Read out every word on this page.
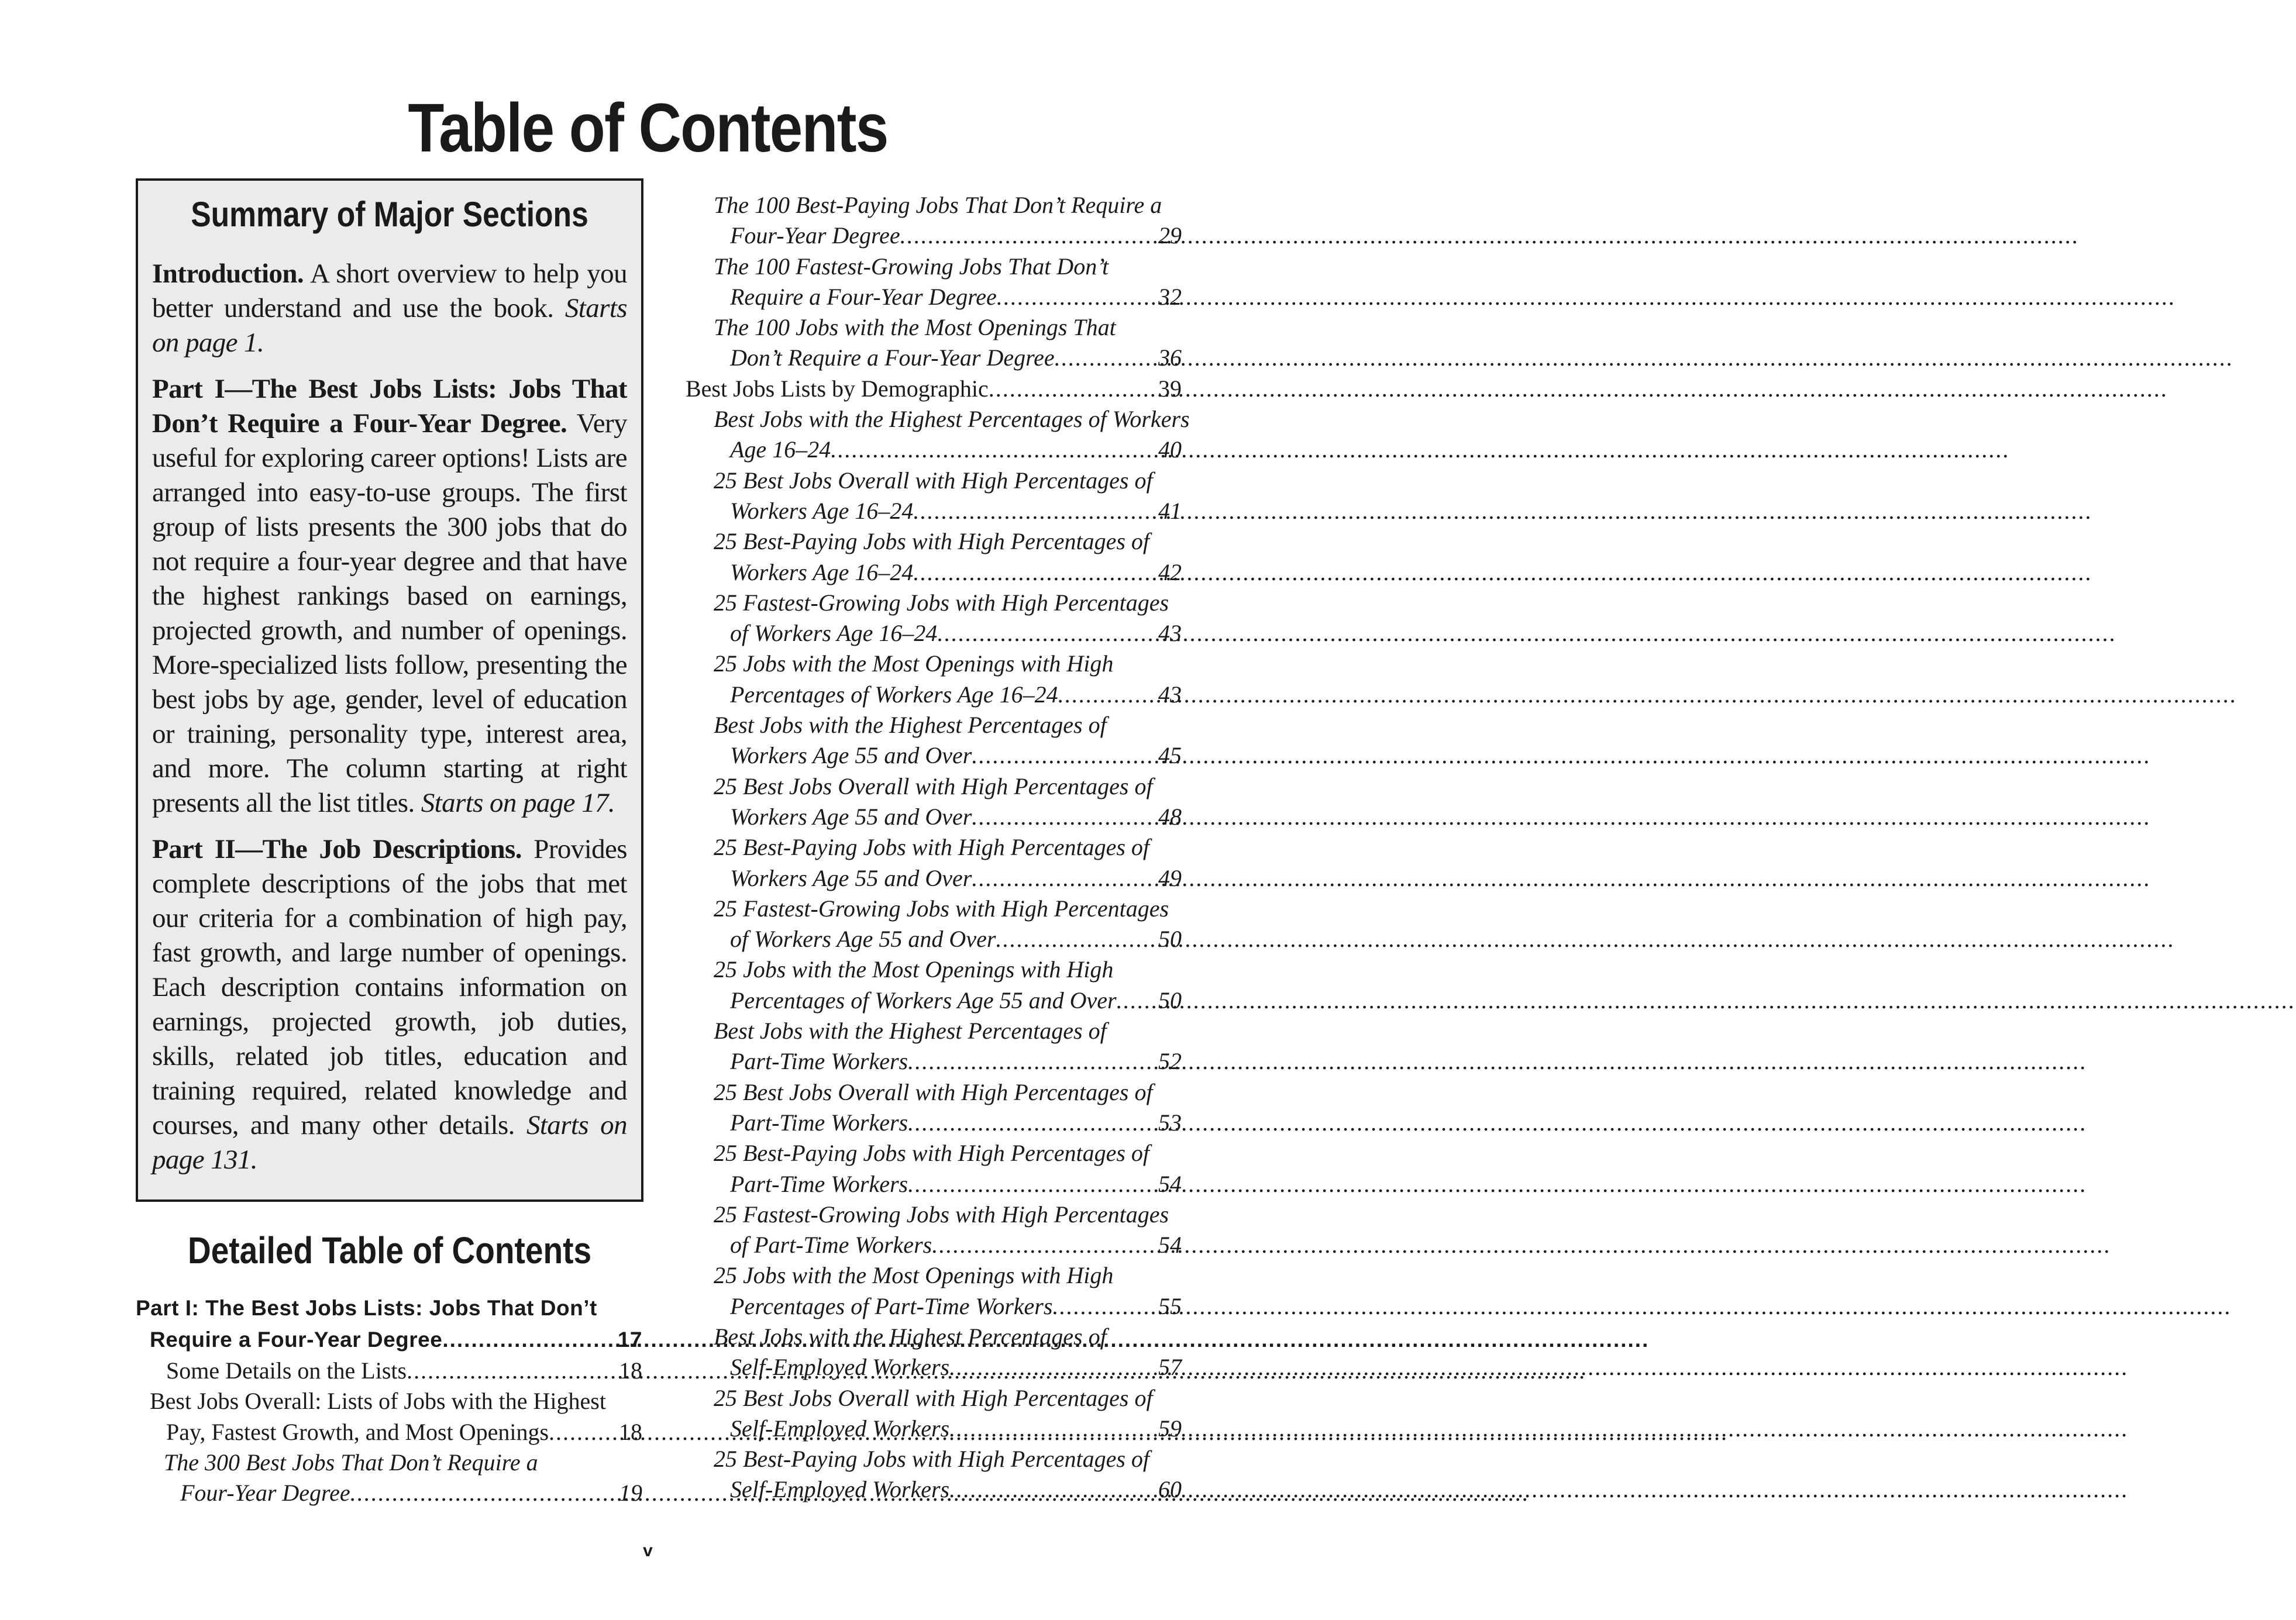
Table of Contents
Summary of Major Sections

Introduction. A short overview to help you better understand and use the book. Starts on page 1.

Part I—The Best Jobs Lists: Jobs That Don’t Require a Four-Year Degree. Very useful for exploring career options! Lists are arranged into easy-to-use groups. The first group of lists presents the 300 jobs that do not require a four-year degree and that have the highest rankings based on earnings, projected growth, and number of openings. More-specialized lists follow, presenting the best jobs by age, gender, level of education or training, personality type, interest area, and more. The column starting at right presents all the list titles. Starts on page 17.

Part II—The Job Descriptions. Provides complete descriptions of the jobs that met our criteria for a combination of high pay, fast growth, and large number of openings. Each description contains information on earnings, projected growth, job duties, skills, related job titles, education and training required, related knowledge and courses, and many other details. Starts on page 131.

Detailed Table of Contents
Part I: The Best Jobs Lists: Jobs That Don’t
Require a Four-Year Degree .....	17
Some Details on the Lists .....	18
Best Jobs Overall: Lists of Jobs with the Highest
Pay, Fastest Growth, and Most Openings .....	18
The 300 Best Jobs That Don’t Require a
Four-Year Degree .....	19
The 100 Best-Paying Jobs That Don’t Require a
Four-Year Degree .....	29
The 100 Fastest-Growing Jobs That Don’t
Require a Four-Year Degree .....	32
The 100 Jobs with the Most Openings That
Don’t Require a Four-Year Degree .....	36
Best Jobs Lists by Demographic .....	39
Best Jobs with the Highest Percentages of Workers
Age 16–24 .....	40
25 Best Jobs Overall with High Percentages of
Workers Age 16–24 .....	41
25 Best-Paying Jobs with High Percentages of
Workers Age 16–24 .....	42
25 Fastest-Growing Jobs with High Percentages
of Workers Age 16–24 .....	43
25 Jobs with the Most Openings with High
Percentages of Workers Age 16–24 .....	43
Best Jobs with the Highest Percentages of
Workers Age 55 and Over .....	45
25 Best Jobs Overall with High Percentages of
Workers Age 55 and Over .....	48
25 Best-Paying Jobs with High Percentages of
Workers Age 55 and Over .....	49
25 Fastest-Growing Jobs with High Percentages
of Workers Age 55 and Over .....	50
25 Jobs with the Most Openings with High
Percentages of Workers Age 55 and Over ..... 50
Best Jobs with the Highest Percentages of
Part-Time Workers .....	52
25 Best Jobs Overall with High Percentages of
Part-Time Workers .....	53
25 Best-Paying Jobs with High Percentages of
Part-Time Workers .....	54
25 Fastest-Growing Jobs with High Percentages
of Part-Time Workers .....	54
25 Jobs with the Most Openings with High
Percentages of Part-Time Workers .....	55
Best Jobs with the Highest Percentages of
Self-Employed Workers .....	57
25 Best Jobs Overall with High Percentages of
Self-Employed Workers .....	59
25 Best-Paying Jobs with High Percentages of
Self-Employed Workers .....	60
v
